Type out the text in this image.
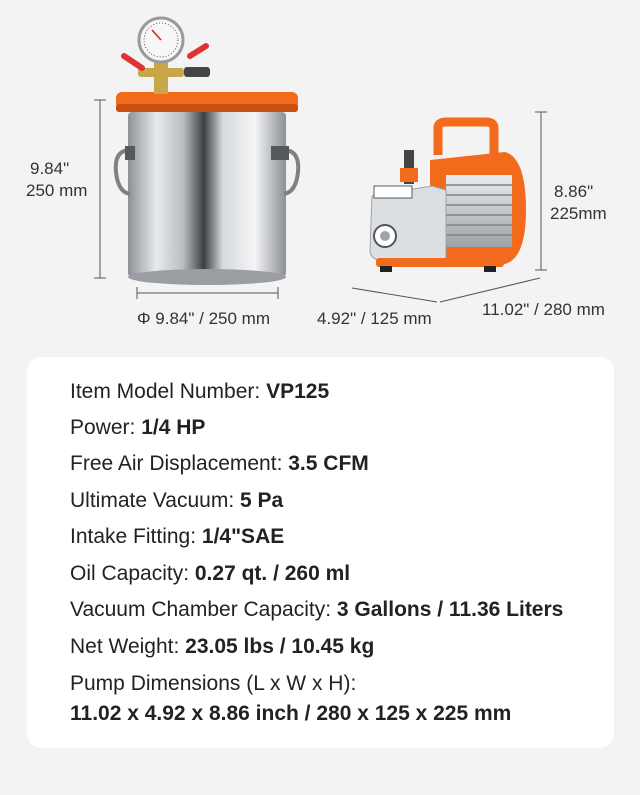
9.84"
250 mm
Φ 9.84" / 250 mm
8.86"
225mm
4.92" / 125 mm	11.02" / 280 mm
Item Model Number: VP125
Power: 1/4 HP
Free Air Displacement: 3.5 CFM
Ultimate Vacuum: 5 Pa
Intake Fitting: 1/4"SAE
Oil Capacity: 0.27 qt. / 260 ml
Vacuum Chamber Capacity: 3 Gallons / 11.36 Liters
Net Weight: 23.05 lbs / 10.45 kg
Pump Dimensions (L x W x H):
11.02 x 4.92 x 8.86 inch / 280 x 125 x 225 mm
